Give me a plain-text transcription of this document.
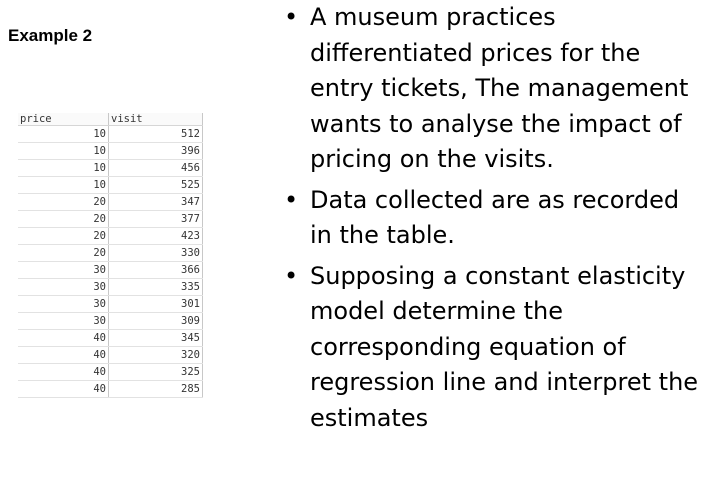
Example 2
price	visit
10	512
10	396
10	456
10	525
20	347
20	377
20	423
20	330
30	366
30	335
30	301
30	309
40	345
40	320
40	325
40	285
• A museum practices differentiated prices for the entry tickets, The management wants to analyse the impact of pricing on the visits.
• Data collected are as recorded in the table.
• Supposing a constant elasticity model determine the corresponding equation of regression line and interpret the estimates
